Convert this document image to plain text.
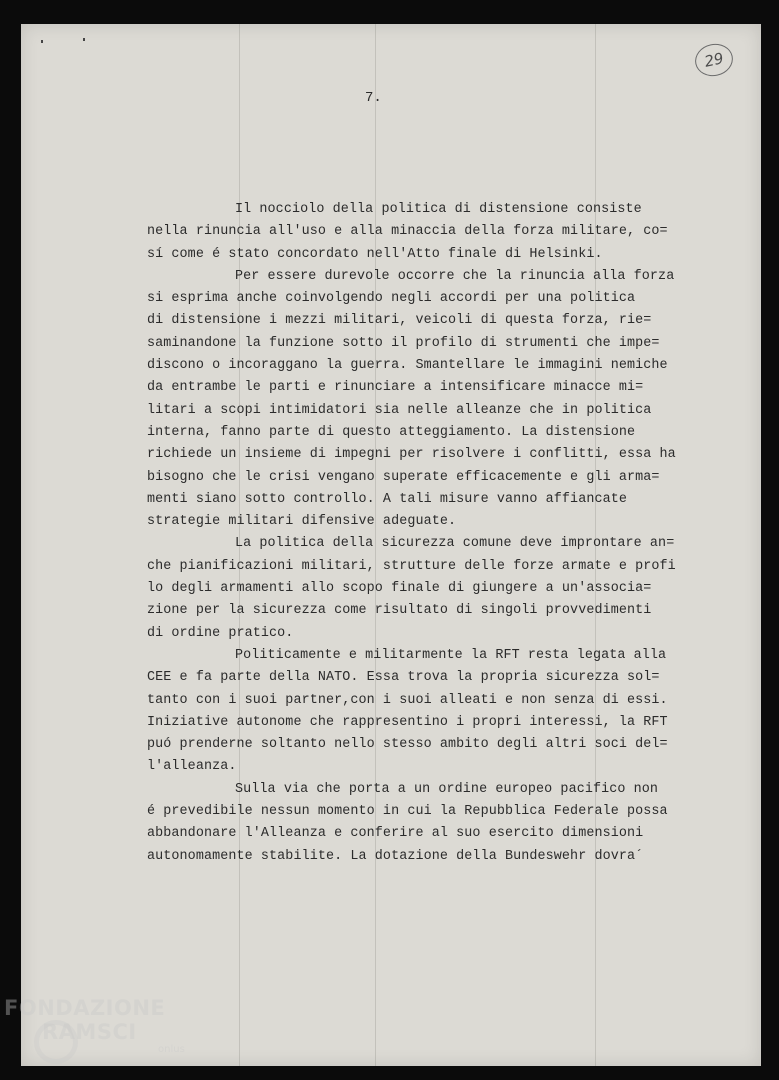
29
7.
Il nocciolo della politica di distensione consiste
nella rinuncia all'uso e alla minaccia della forza militare, co=
sí come é stato concordato nell'Atto finale di Helsinki.
Per essere durevole occorre che la rinuncia alla forza
si esprima anche coinvolgendo negli accordi per una politica
di distensione i mezzi militari, veicoli di questa forza, rie=
saminandone la funzione sotto il profilo di strumenti che impe=
discono o incoraggano la guerra. Smantellare le immagini nemiche
da entrambe le parti e rinunciare a intensificare minacce mi=
litari a scopi intimidatori sia nelle alleanze che in politica
interna, fanno parte di questo atteggiamento. La distensione
richiede un insieme di impegni per risolvere i conflitti, essa ha
bisogno che le crisi vengano superate efficacemente e gli arma=
menti siano sotto controllo. A tali misure vanno affiancate
strategie militari difensive adeguate.
La politica della sicurezza comune deve improntare an=
che pianificazioni militari, strutture delle forze armate e profi
lo degli armamenti allo scopo finale di giungere a un'associa=
zione per la sicurezza come risultato di singoli provvedimenti
di ordine pratico.
Politicamente e militarmente la RFT resta legata alla
CEE e fa parte della NATO. Essa trova la propria sicurezza sol=
tanto con i suoi partner,con i suoi alleati e non senza di essi.
Iniziative autonome che rappresentino i propri interessi, la RFT
puó prenderne soltanto nello stesso ambito degli altri soci del=
l'alleanza.
Sulla via che porta a un ordine europeo pacifico non
é prevedibile nessun momento in cui la Repubblica Federale possa
abbandonare l'Alleanza e conferire al suo esercito dimensioni
autonomamente stabilite. La dotazione della Bundeswehr dovra´
FONDAZIONE
RAMSCI
onlus
